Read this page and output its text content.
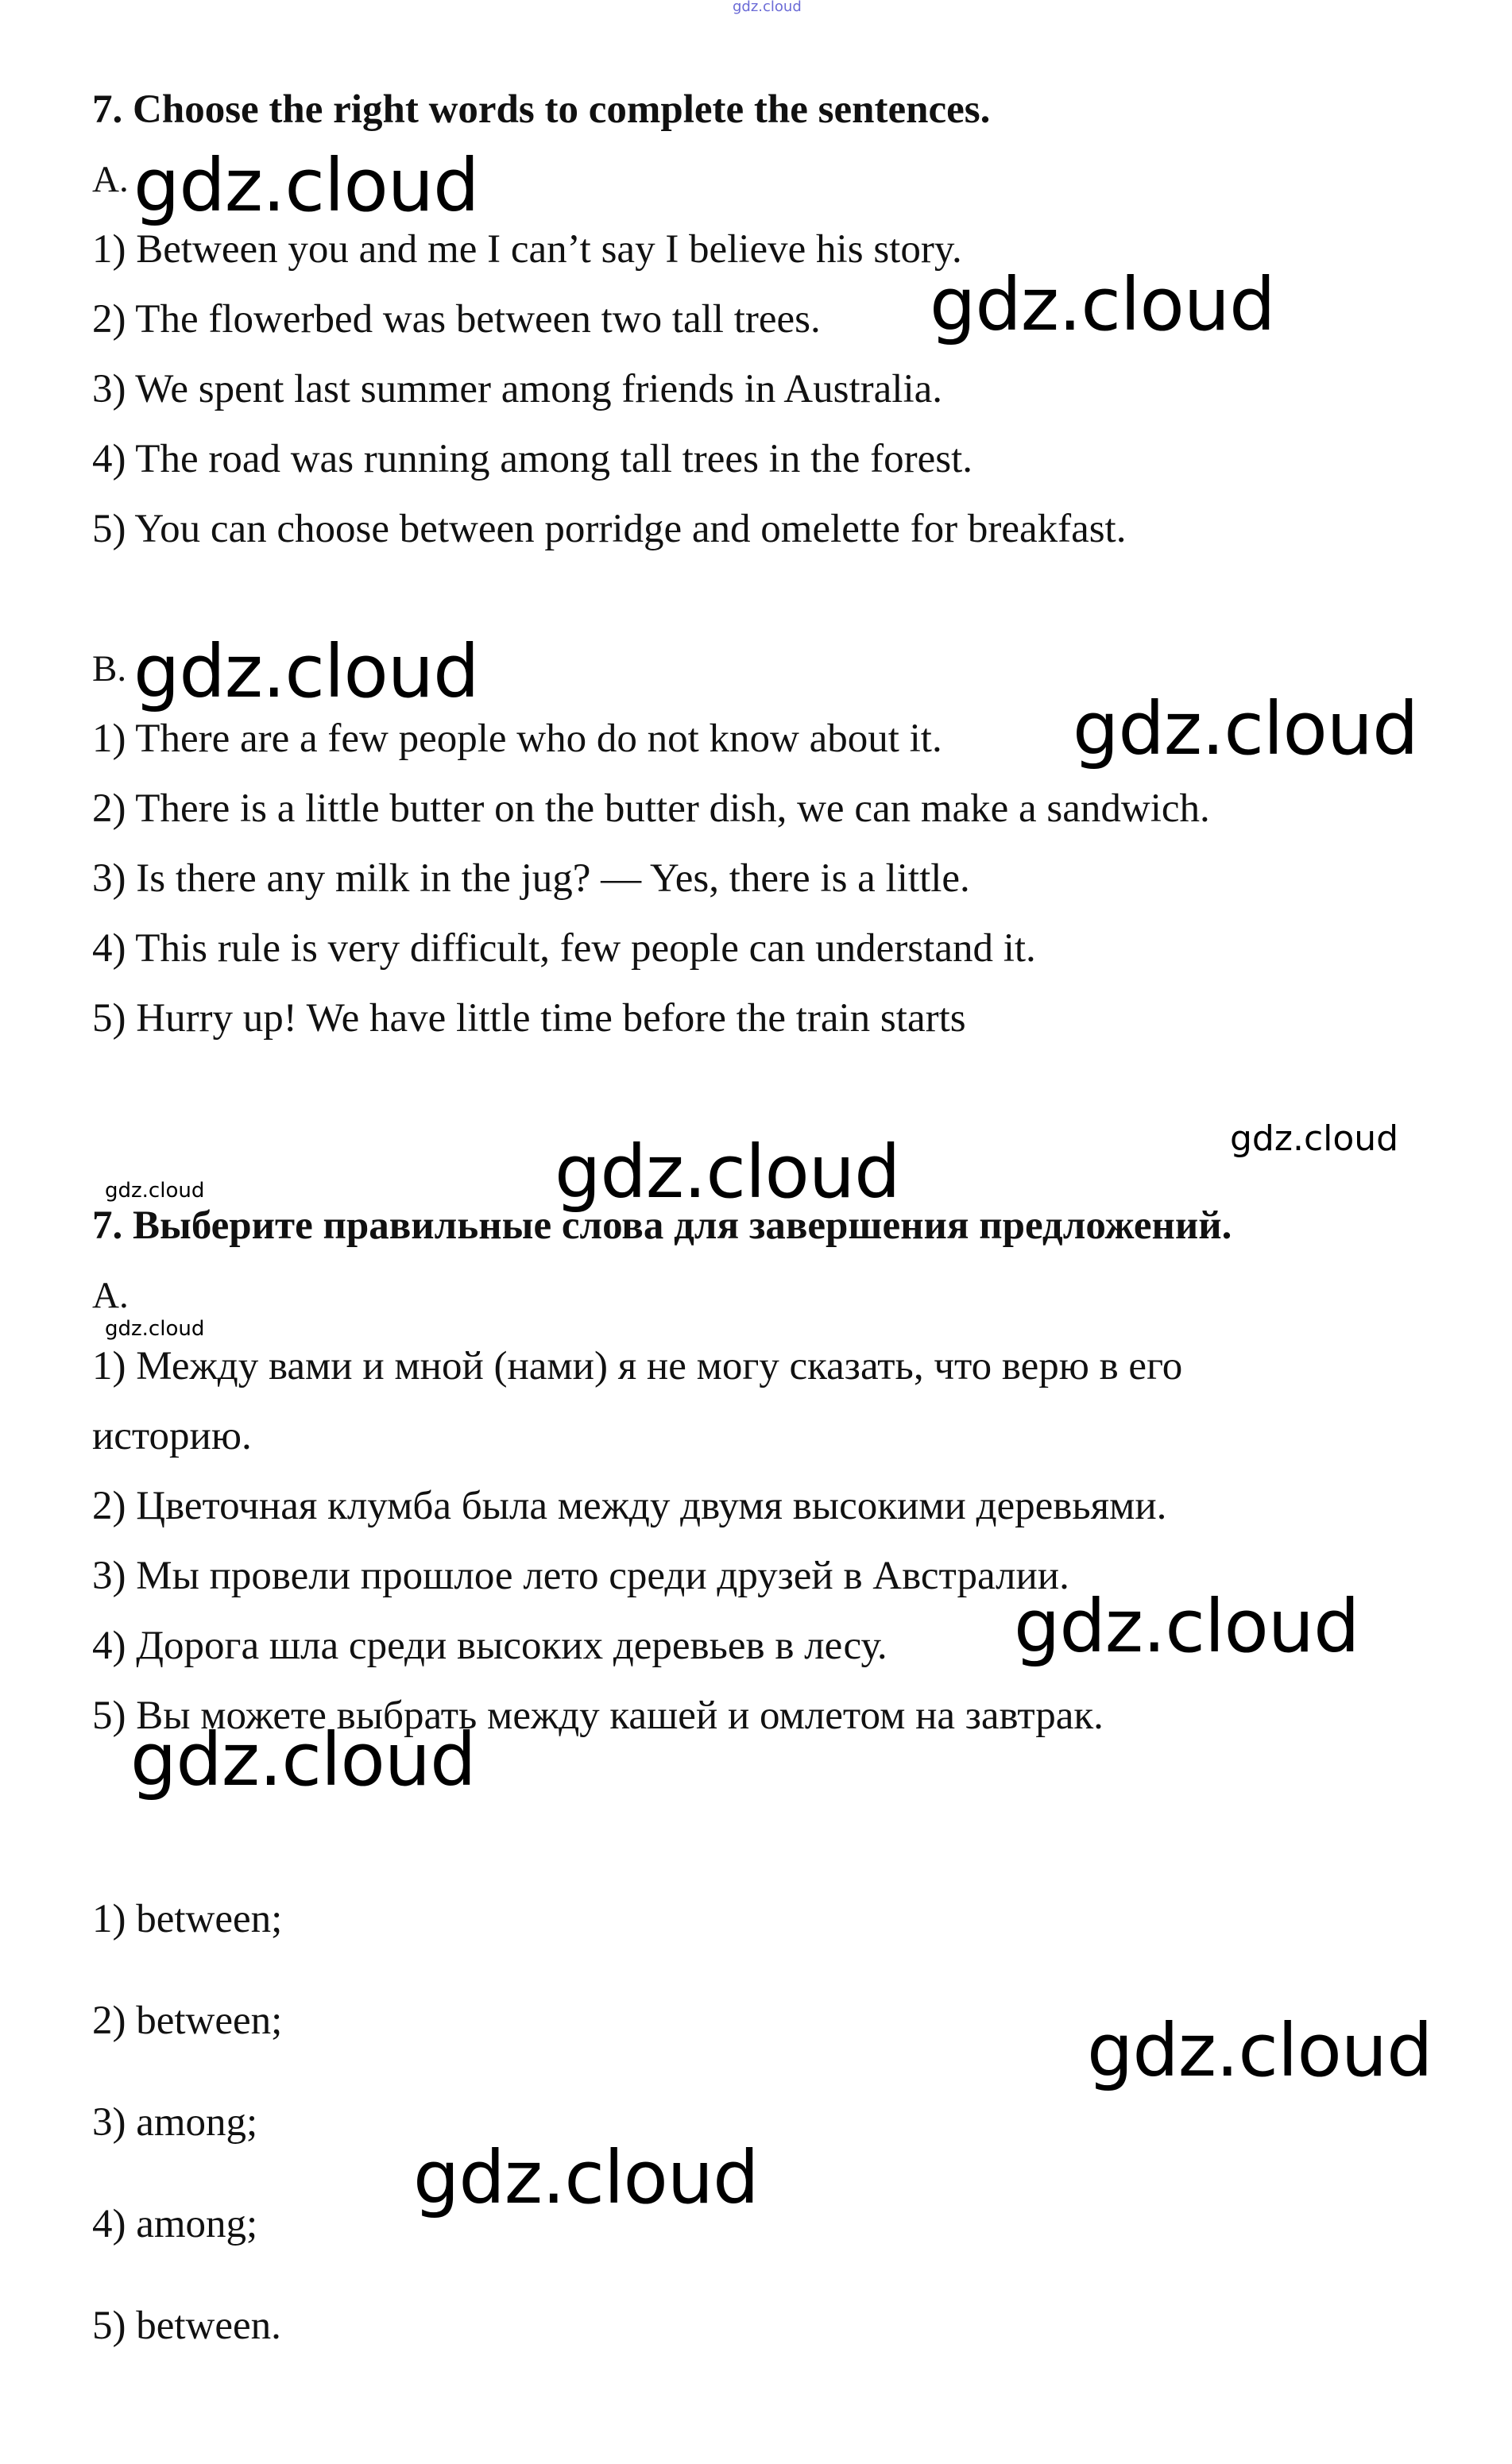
gdz.cloud
7. Choose the right words to complete the sentences.
A.
1) Between you and me I can’t say I believe his story.
2) The flowerbed was between two tall trees.
3) We spent last summer among friends in Australia.
4) The road was running among tall trees in the forest.
5) You can choose between porridge and omelette for breakfast.
B.
1) There are a few people who do not know about it.
2) There is a little butter on the butter dish, we can make a sandwich.
3) Is there any milk in the jug? — Yes, there is a little.
4) This rule is very difficult, few people can understand it.
5) Hurry up! We have little time before the train starts
7. Выберите правильные слова для завершения предложений.
A.
1) Между вами и мной (нами) я не могу сказать, что верю в его
историю.
2) Цветочная клумба была между двумя высокими деревьями.
3) Мы провели прошлое лето среди друзей в Австралии.
4) Дорога шла среди высоких деревьев в лесу.
5) Вы можете выбрать между кашей и омлетом на завтрак.
1) between;
2) between;
3) among;
4) among;
5) between.
gdz.cloud
gdz.cloud
gdz.cloud
gdz.cloud
gdz.cloud
gdz.cloud
gdz.cloud
gdz.cloud
gdz.cloud
gdz.cloud
gdz.cloud
gdz.cloud
